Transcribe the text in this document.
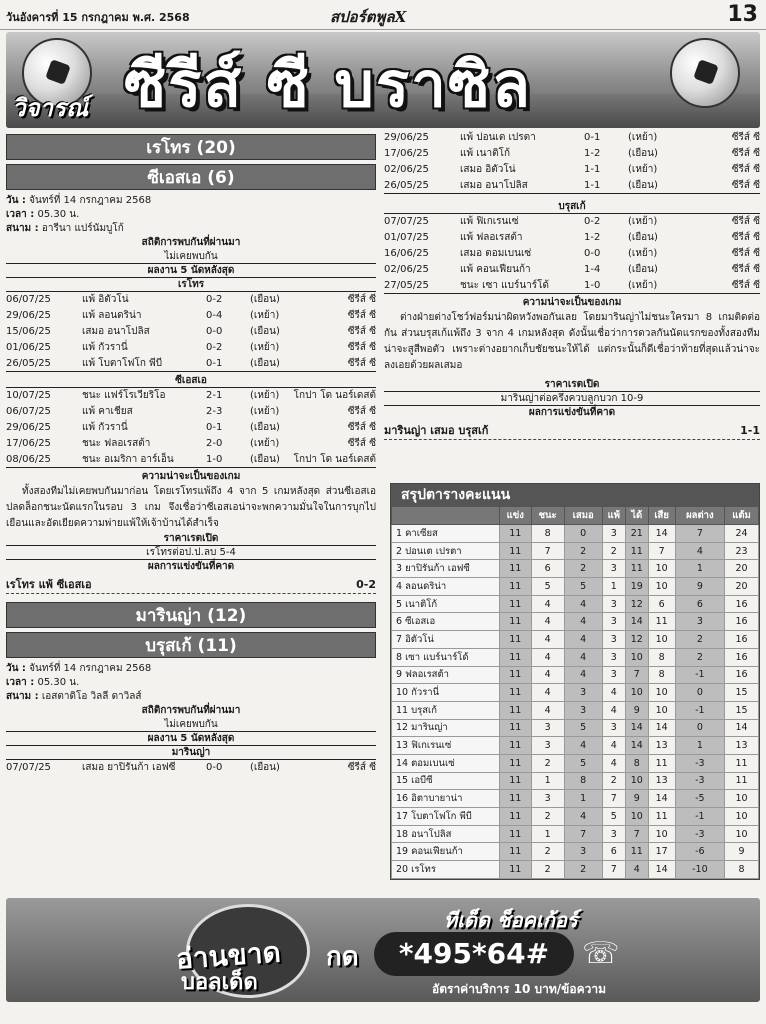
วันอังคารที่ 15 กรกฎาคม พ.ศ. 2568	สปอร์ตพูลX	13
วิจารณ์ ซีรีส์ ซี บราซิล
เรโทร (20)
ซีเอสเอ (6)
วัน : จันทร์ที่ 14 กรกฎาคม 2568
เวลา : 05.30 น.
สนาม : อารีนา แปร์นัมบูโก้
สถิติการพบกันที่ผ่านมา
ไม่เคยพบกัน
ผลงาน 5 นัดหลังสุด
เรโทร
06/07/25	แพ้ อิตัวโน่	0-2	(เยือน)	ซีรีส์ ซี
29/06/25	แพ้ ลอนดริน่า	0-4	(เหย้า)	ซีรีส์ ซี
15/06/25	เสมอ อนาโปลิส	0-0	(เยือน)	ซีรีส์ ซี
01/06/25	แพ้ กัวรานี่	0-2	(เหย้า)	ซีรีส์ ซี
26/05/25	แพ้ โบตาโฟโก พีบี	0-1	(เยือน)	ซีรีส์ ซี
ซีเอสเอ
10/07/25	ชนะ แฟร์โรเวียริโอ	2-1	(เหย้า) โกปา โด นอร์เดสต้
06/07/25	แพ้ คาเชียส	2-3	(เหย้า)	ซีรีส์ ซี
29/06/25	แพ้ กัวรานี่	0-1	(เยือน)	ซีรีส์ ซี
17/06/25	ชนะ ฟลอเรสต้า	2-0	(เหย้า)	ซีรีส์ ซี
08/06/25	ชนะ อเมริกา อาร์เอ็น	1-0	(เยือน) โกปา โด นอร์เดสต้
ความน่าจะเป็นของเกม

ทั้งสองทีมไม่เคยพบกันมาก่อน โดยเรโทรแพ้ถึง 4 จาก 5 เกมหลังสุด ส่วนซีเอสเอปลดล็อกชนะนัดแรกในรอบ 3 เกม จึงเชื่อว่าซีเอสเอน่าจะพกความมั่นใจในการบุกไปเยือนและอัดเยียดความพ่ายแพ้ให้เจ้าบ้านได้สำเร็จ

ราคาเรตเปิด
เรโทรต่อป.ป.ลบ 5-4
ผลการแข่งขันที่คาด
เรโทร แพ้ ซีเอสเอ	0-2
มารินญ่า (12)
บรุสเก้ (11)
วัน : จันทร์ที่ 14 กรกฎาคม 2568
เวลา : 05.30 น.
สนาม : เอสตาดิโอ วิลลี ดาวิลส์
สถิติการพบกันที่ผ่านมา
ไม่เคยพบกัน
ผลงาน 5 นัดหลังสุด
มารินญ่า
07/07/25	เสมอ ยาปิรันก้า เอฟซี	0-0	(เยือน)	ซีรีส์ ซี
29/06/25	แพ้ ปอนเต เปรตา	0-1	(เหย้า)	ซีรีส์ ซี
17/06/25	แพ้ เนาติโก้	1-2	(เยือน)	ซีรีส์ ซี
02/06/25	เสมอ อิตัวโน่	1-1	(เหย้า)	ซีรีส์ ซี
26/05/25	เสมอ อนาโปลิส	1-1	(เยือน)	ซีรีส์ ซี
บรุสเก้
07/07/25	แพ้ ฟิเกเรนเซ่	0-2	(เหย้า)	ซีรีส์ ซี
01/07/25	แพ้ ฟลอเรสต้า	1-2	(เยือน)	ซีรีส์ ซี
16/06/25	เสมอ ตอมเบนเซ่	0-0	(เหย้า)	ซีรีส์ ซี
02/06/25	แพ้ คอนเฟียนก้า	1-4	(เยือน)	ซีรีส์ ซี
27/05/25	ชนะ เซา แบร์นาร์โด้	1-0	(เหย้า)	ซีรีส์ ซี
ความน่าจะเป็นของเกม

ต่างฝ่ายต่างโชว์ฟอร์มน่าผิดหวังพอกันเลย โดยมารินญ่าไม่ชนะใครมา 8 เกมติดต่อกัน ส่วนบรุสเก้แพ้ถึง 3 จาก 4 เกมหลังสุด ดังนั้นเชื่อว่าการดวลกันนัดแรกของทั้งสองทีมน่าจะสูสีพอตัว เพราะต่างอยากเก็บชัยชนะให้ได้ แต่กระนั้นก็ดีเชื่อว่าท้ายที่สุดแล้วน่าจะลงเอยด้วยผลเสมอ

ราคาเรตเปิด
มารินญ่าต่อครึ่งควบลูกบวก 10-9
ผลการแข่งขันที่คาด
มารินญ่า เสมอ บรุสเก้	1-1
สรุปตารางคะแนน
	แข่ง	ชนะ	เสมอ	แพ้	ได้	เสีย	ผลต่าง	แต้ม
1 คาเซียส	11	8	0	3	21	14	7	24
2 ปอนเต เปรตา	11	7	2	2	11	7	4	23
3 ยาปิรันก้า เอฟซี	11	6	2	3	11	10	1	20
4 ลอนดริน่า	11	5	5	1	19	10	9	20
5 เนาติโก้	11	4	4	3	12	6	6	16
6 ซีเอสเอ	11	4	4	3	14	11	3	16
7 อิตัวโน่	11	4	4	3	12	10	2	16
8 เซา แบร์นาร์โด้	11	4	4	3	10	8	2	16
9 ฟลอเรสต้า	11	4	4	3	7	8	-1	16
10 กัวรานี่	11	4	3	4	10	10	0	15
11 บรุสเก้	11	4	3	4	9	10	-1	15
12 มารินญ่า	11	3	5	3	14	14	0	14
13 ฟิเกเรนเซ่	11	3	4	4	14	13	1	13
14 ตอมเบนเซ่	11	2	5	4	8	11	-3	11
15 เอบีซี	11	1	8	2	10	13	-3	11
16 อิตาบายาน่า	11	3	1	7	9	14	-5	10
17 โบตาโฟโก พีบี	11	2	4	5	10	11	-1	10
18 อนาโปลิส	11	1	7	3	7	10	-3	10
19 คอนเฟียนก้า	11	2	3	6	11	17	-6	9
20 เรโทร	11	2	2	7	4	14	-10	8
อ่านขาด
บอลเด็ด
ทีเด็ด ช็อคเก้อร์
กด	*495*64#	☏
อัตราค่าบริการ 10 บาท/ข้อความ
